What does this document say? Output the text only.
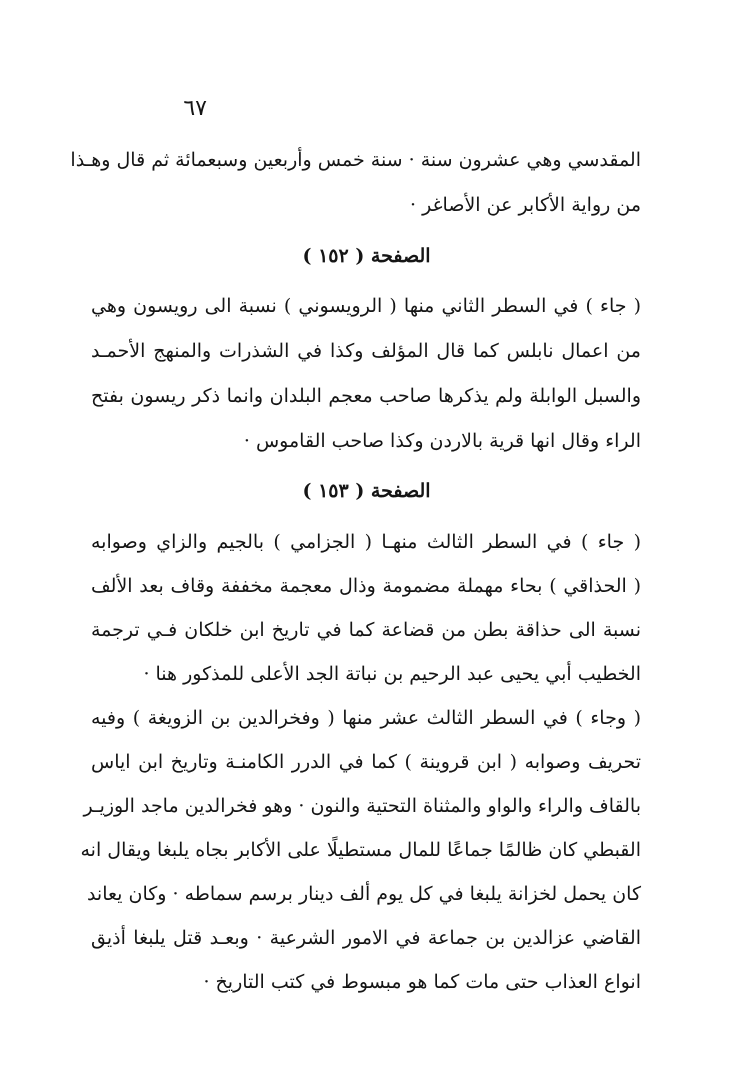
٦٧
المقدسي وهي عشرون سنة · سنة خمس وأربعين وسبعمائة ثم قال وهـذا
من رواية الأكابر عن الأصاغر ·
الصفحة ( ١٥٢ )
( جاء ) في السطر الثاني منها ( الرويسوني ) نسبة الى رويسون وهي
من اعمال نابلس كما قال المؤلف وكذا في الشذرات والمنهج الأحمـد
والسبل الوابلة ولم يذكرها صاحب معجم البلدان وانما ذكر ريسون بفتح
الراء وقال انها قرية بالاردن وكذا صاحب القاموس ·
الصفحة ( ١٥٣ )
( جاء ) في السطر الثالث منهـا ( الجزامي ) بالجيم والزاي وصوابه
( الحذاقي ) بحاء مهملة مضمومة وذال معجمة مخففة وقاف بعد الألف
نسبة الى حذاقة بطن من قضاعة كما في تاريخ ابن خلكان فـي ترجمة
الخطيب أبي يحيى عبد الرحيم بن نباتة الجد الأعلى للمذكور هنا ·
( وجاء ) في السطر الثالث عشر منها ( وفخرالدين بن الزويغة ) وفيه
تحريف وصوابه ( ابن قروينة ) كما في الدرر الكامنـة وتاريخ ابن اياس
بالقاف والراء والواو والمثناة التحتية والنون · وهو فخرالدين ماجد الوزيـر
القبطي كان ظالمًا جماعًا للمال مستطيلًا على الأكابر بجاه يلبغا ويقال انه
كان يحمل لخزانة يلبغا في كل يوم ألف دينار برسم سماطه · وكان يعاند
القاضي عزالدين بن جماعة في الامور الشرعية · وبعـد قتل يلبغا أذيق
انواع العذاب حتى مات كما هو مبسوط في كتب التاريخ ·
